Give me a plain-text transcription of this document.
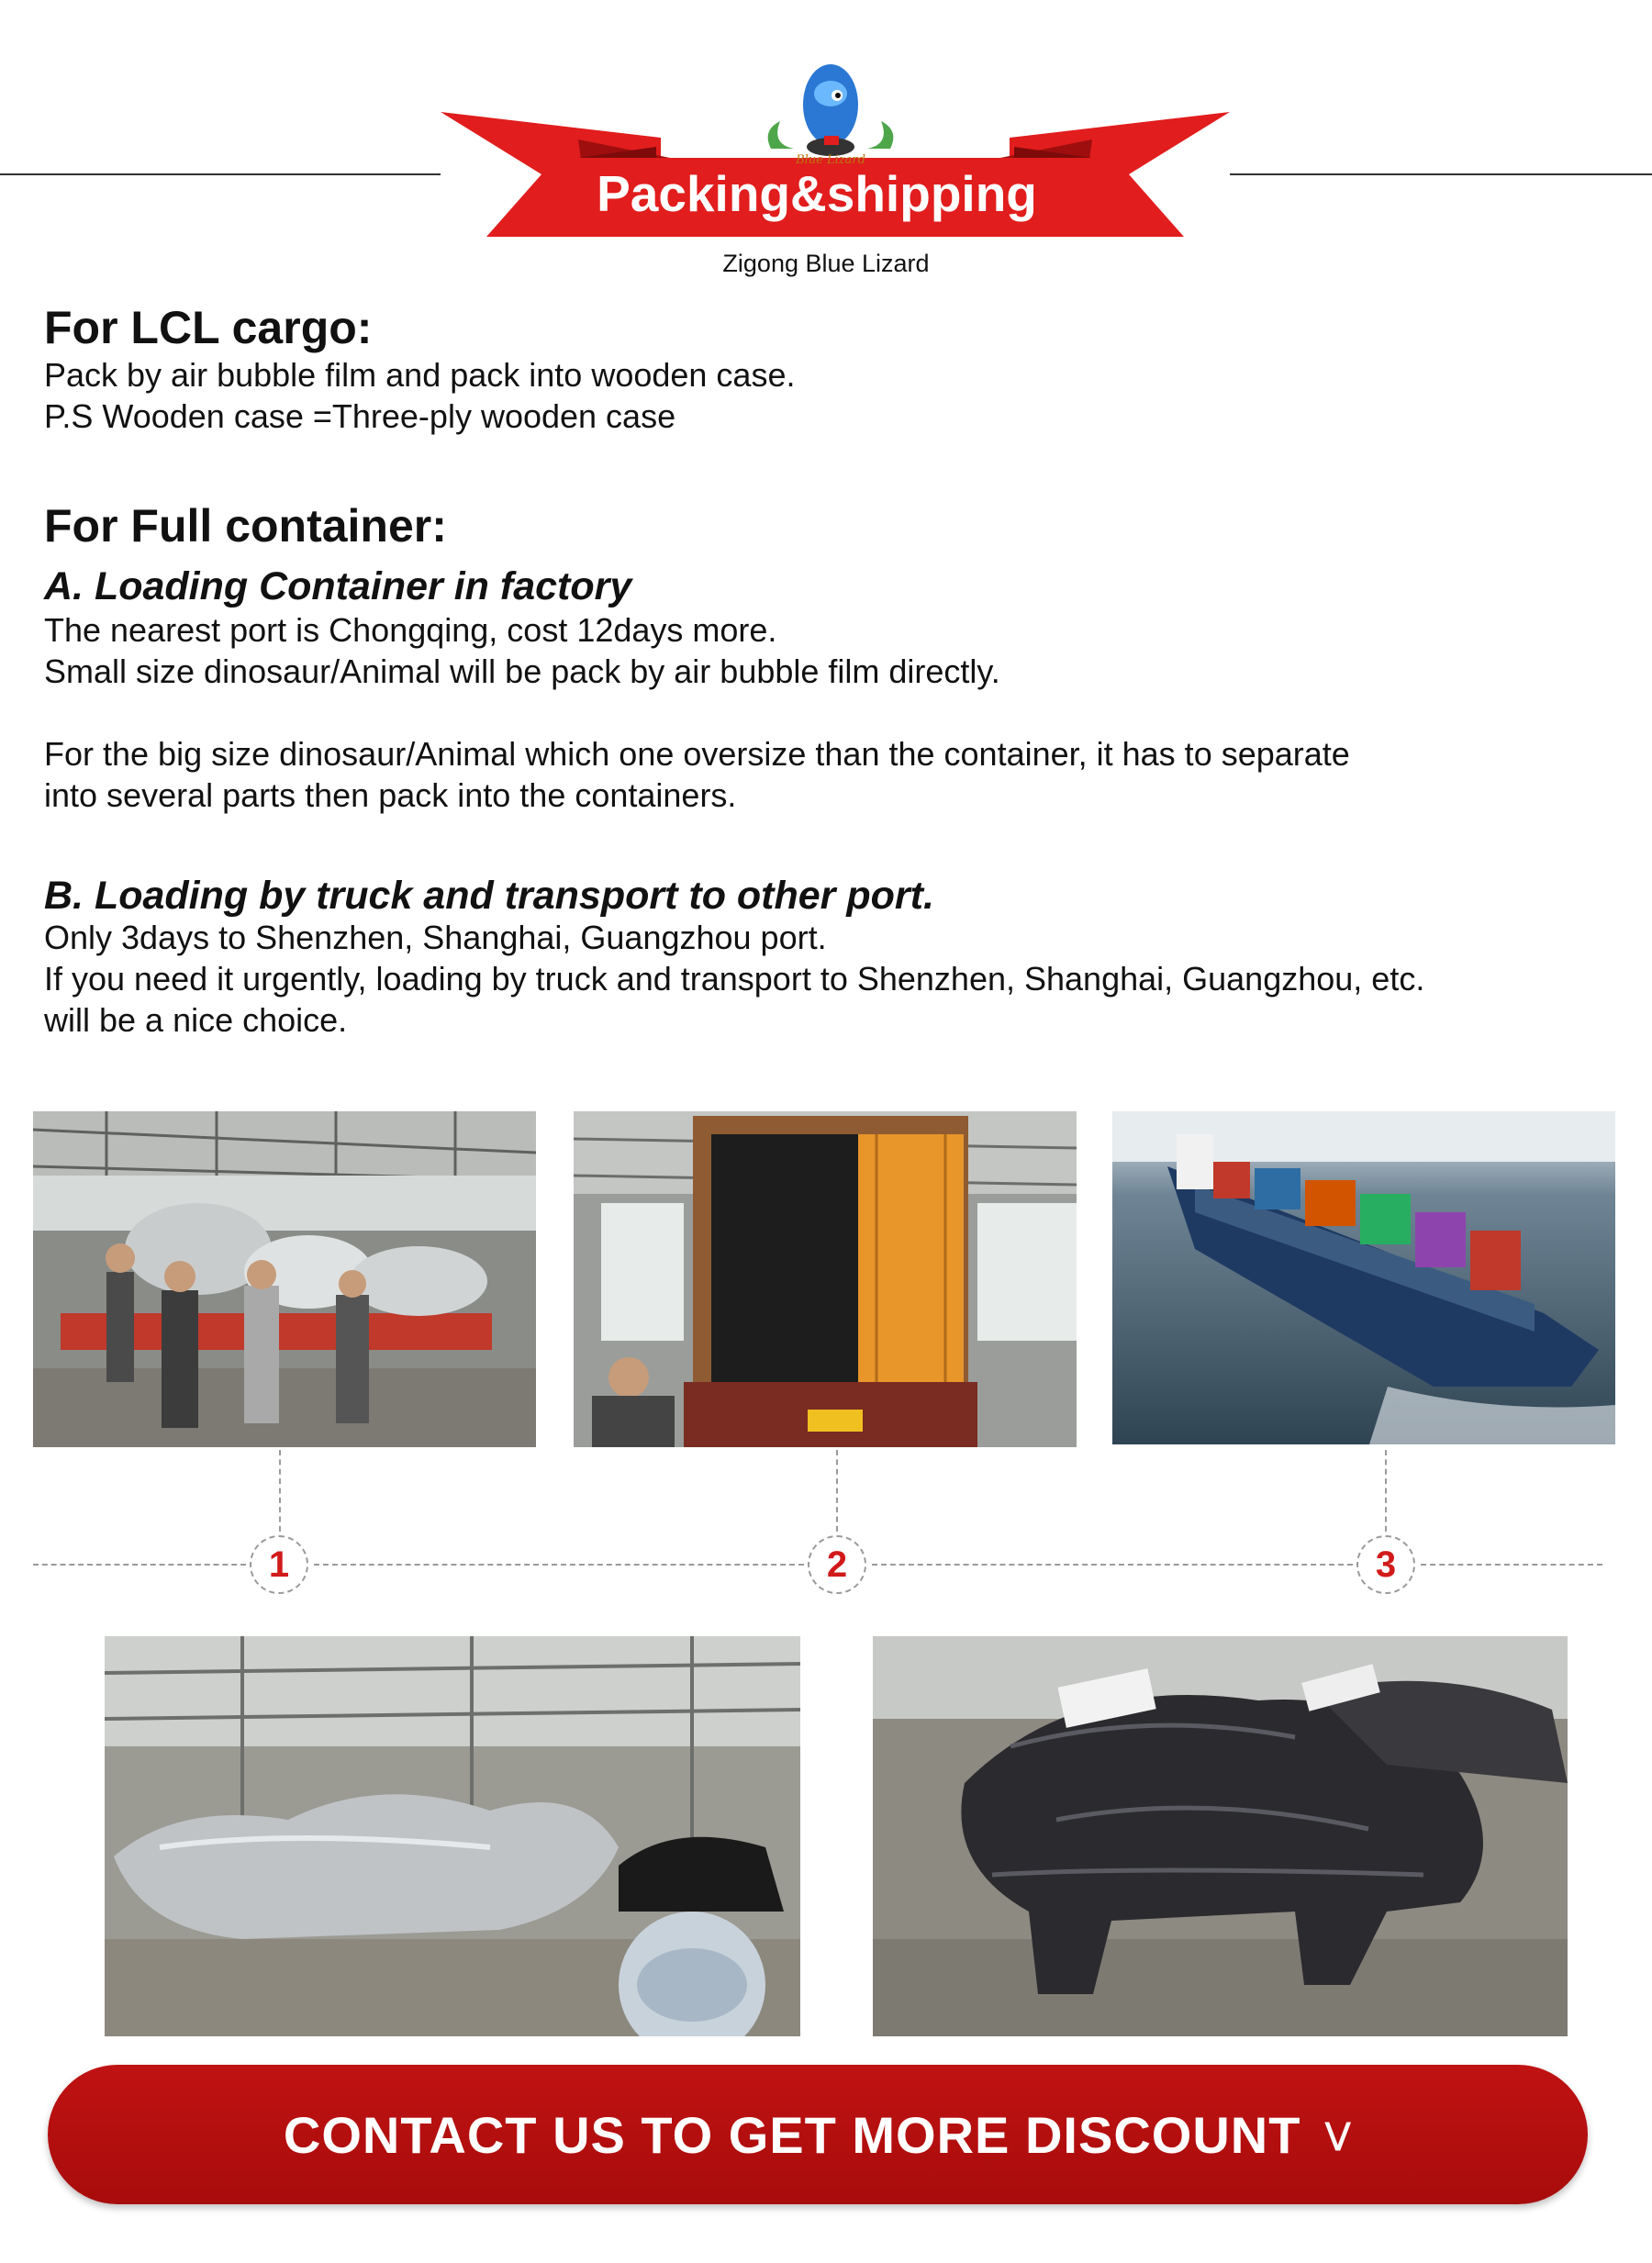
Blue Lizard
Packing&shipping
Zigong Blue Lizard
For LCL cargo:
Pack by air bubble film and pack into wooden case.
P.S Wooden case =Three-ply wooden case
For Full container:
A. Loading Container in factory
The nearest port is Chongqing, cost 12days more.
Small size dinosaur/Animal will be pack by air bubble film directly.
For the big size dinosaur/Animal which one oversize than the container, it has to separate
into several parts then pack into the containers.
B. Loading by truck and transport to other port.
Only 3days to Shenzhen, Shanghai, Guangzhou port.
If you need it urgently, loading by truck and transport to Shenzhen, Shanghai, Guangzhou, etc.
will be a nice choice.
1	2	3
CONTACT US TO GET MORE DISCOUNT ⋁
